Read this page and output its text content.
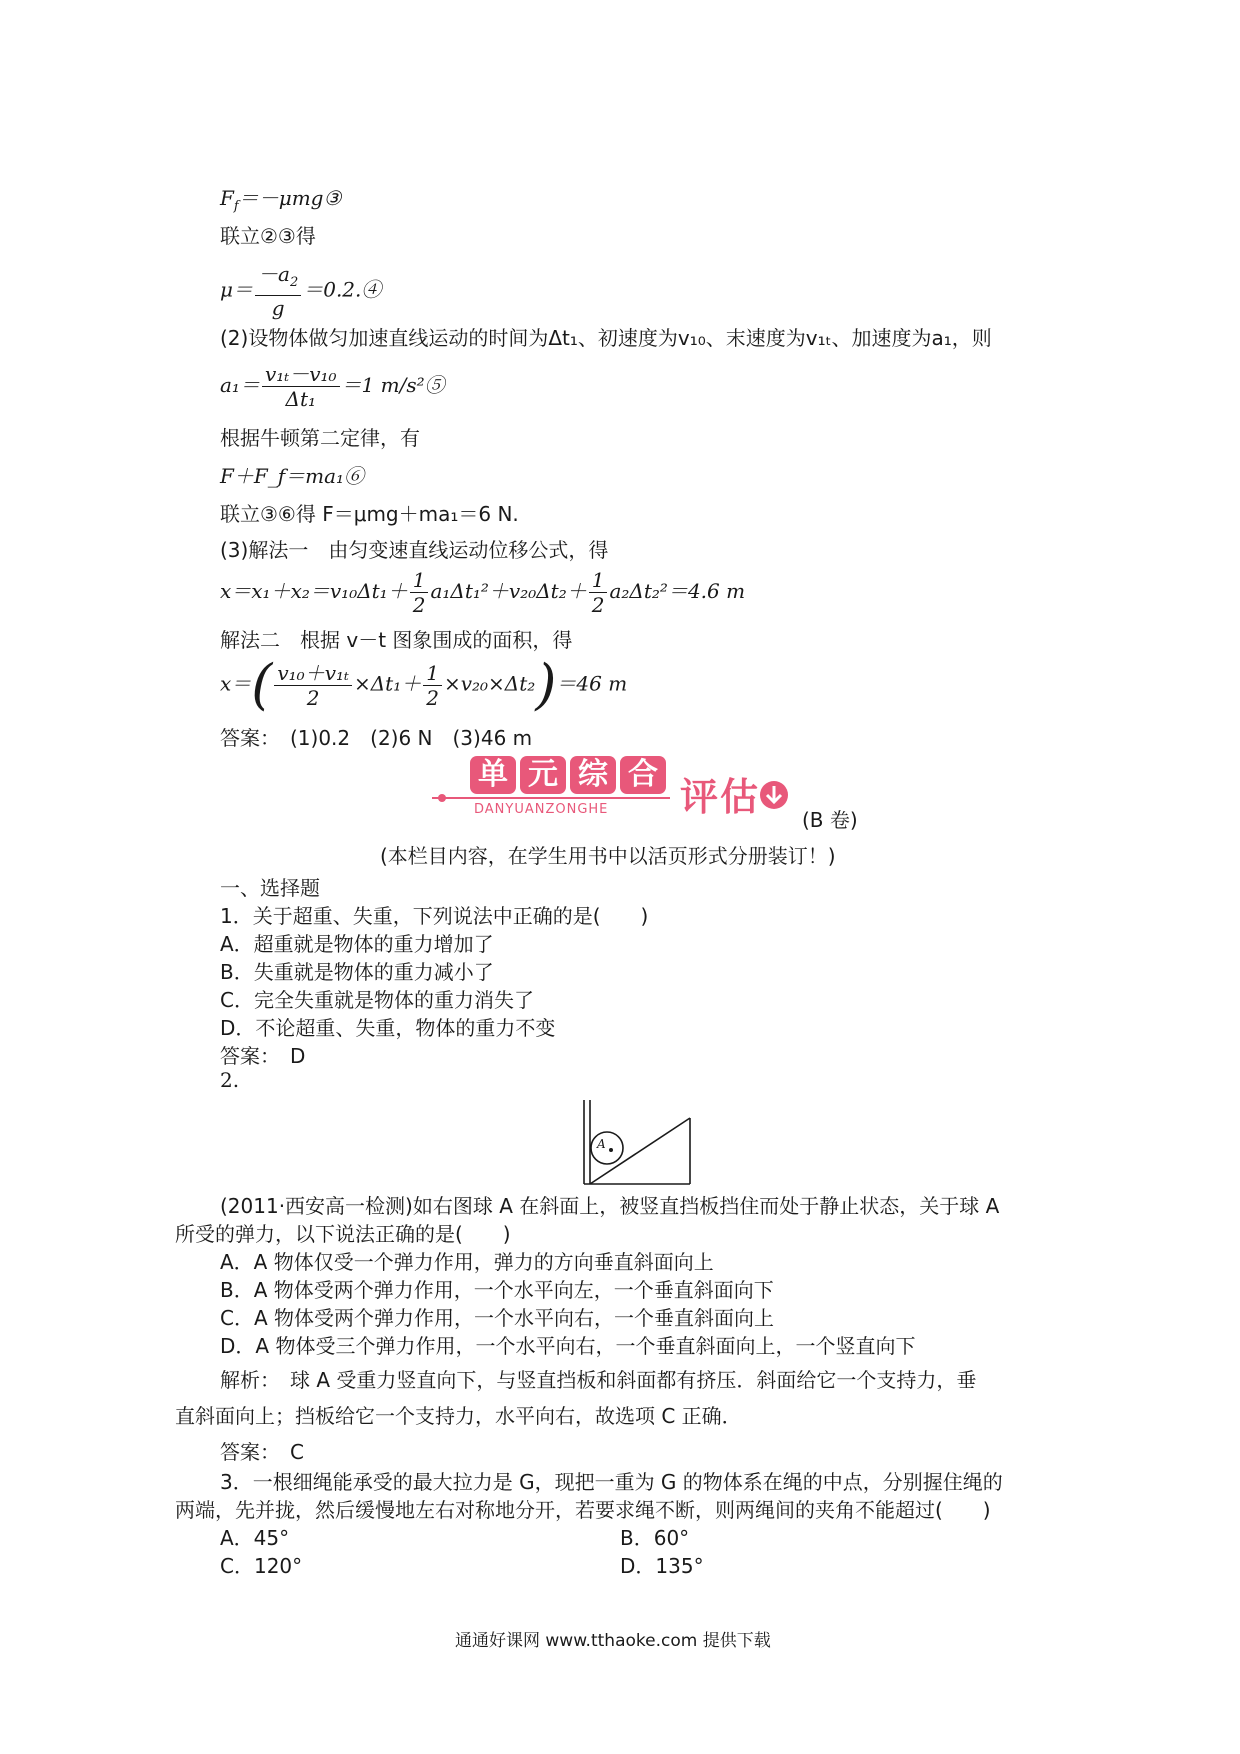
$F_f=-\mu mg③$
联立②③得
$\mu= \frac{-a_2}{g}$ ＝0.2.④
(2)设物体做匀加速直线运动的时间为Δt₁、初速度为v₁₀、末速度为v₁ₜ、加速度为a₁，则
$a_1= \frac{\text{v₁ₜ－v₁₀}}{\text{Δt₁}} =1$ m/s²⑤
根据牛顿第二定律，有
F＋F_f＝ma₁⑥
联立③⑥得 F＝μmg＋ma₁＝6 N.
(3)解法一　由匀变速直线运动位移公式，得
$x=x_1+x_2=v_{10}\Delta t_1+ \frac{1}{2} a_1\Delta t_1^2+v_{20}\Delta t_2+ \frac{1}{2} a_2\Delta t_2^2=4.6$ m
解法二　根据 v－t 图象围成的面积，得
$x=( \frac{\text{v₁₀＋v₁ₜ}}{2} \times\Delta t_1+ \frac{1}{2} \times v_{20}\times\Delta t_2)=46$ m
答案：　(1)0.2　(2)6 N　(3)46 m
单元综合
DANYUANZONGHE 评估
(B 卷)
(本栏目内容，在学生用书中以活页形式分册装订！)
一、选择题
1．关于超重、失重，下列说法中正确的是(　　)
A．超重就是物体的重力增加了
B．失重就是物体的重力减小了
C．完全失重就是物体的重力消失了
D．不论超重、失重，物体的重力不变
答案：　D
2.
A
(2011·西安高一检测)如右图球 A 在斜面上，被竖直挡板挡住而处于静止状态，关于球 A
所受的弹力，以下说法正确的是(　　)
A．A 物体仅受一个弹力作用，弹力的方向垂直斜面向上
B．A 物体受两个弹力作用，一个水平向左，一个垂直斜面向下
C．A 物体受两个弹力作用，一个水平向右，一个垂直斜面向上
D．A 物体受三个弹力作用，一个水平向右，一个垂直斜面向上，一个竖直向下
解析：　球 A 受重力竖直向下，与竖直挡板和斜面都有挤压．斜面给它一个支持力，垂
直斜面向上；挡板给它一个支持力，水平向右，故选项 C 正确．
答案：　C
3．一根细绳能承受的最大拉力是 G，现把一重为 G 的物体系在绳的中点，分别握住绳的
两端，先并拢，然后缓慢地左右对称地分开，若要求绳不断，则两绳间的夹角不能超过(　　)
A．45°	B．60°
C．120°	D．135°
通通好课网 www.tthaoke.com 提供下载
